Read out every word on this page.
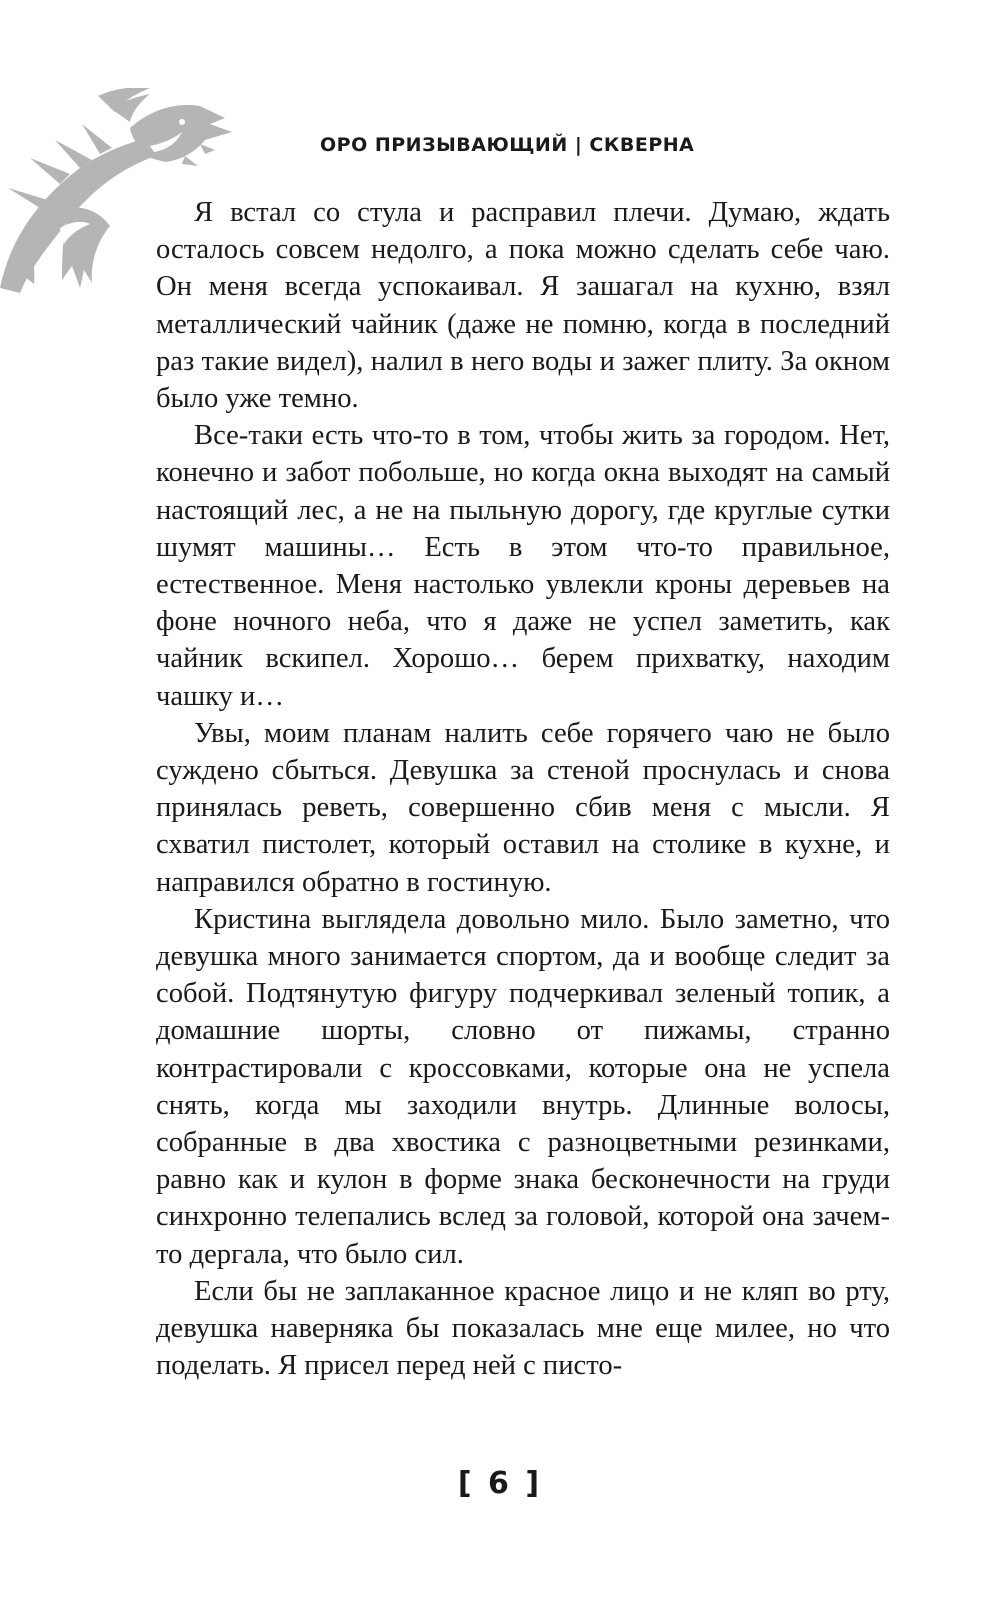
ОРО ПРИЗЫВАЮЩИЙ | СКВЕРНА

Я встал со стула и расправил плечи. Думаю, ждать осталось совсем недолго, а пока можно сделать себе чаю. Он меня всегда успокаивал. Я зашагал на кухню, взял металлический чайник (даже не помню, когда в последний раз такие видел), налил в него воды и зажег плиту. За окном было уже темно.

Все-таки есть что-то в том, чтобы жить за городом. Нет, конечно и забот побольше, но когда окна выходят на самый настоящий лес, а не на пыльную дорогу, где круглые сутки шумят машины… Есть в этом что-то правильное, естественное. Меня настолько увлекли кроны деревьев на фоне ночного неба, что я даже не успел заметить, как чайник вскипел. Хорошо… берем прихватку, находим чашку и…

Увы, моим планам налить себе горячего чаю не было суждено сбыться. Девушка за стеной проснулась и снова принялась реветь, совершенно сбив меня с мысли. Я схватил пистолет, который оставил на столике в кухне, и направился обратно в гостиную.

Кристина выглядела довольно мило. Было заметно, что девушка много занимается спортом, да и вообще следит за собой. Подтянутую фигуру подчеркивал зеленый топик, а домашние шорты, словно от пижамы, странно контрастировали с кроссовками, которые она не успела снять, когда мы заходили внутрь. Длинные волосы, собранные в два хвостика с разноцветными резинками, равно как и кулон в форме знака бесконечности на груди синхронно телепались вслед за головой, которой она зачем-то дергала, что было сил.

Если бы не заплаканное красное лицо и не кляп во рту, девушка наверняка бы показалась мне еще милее, но что поделать. Я присел перед ней с писто-

[ 6 ]
